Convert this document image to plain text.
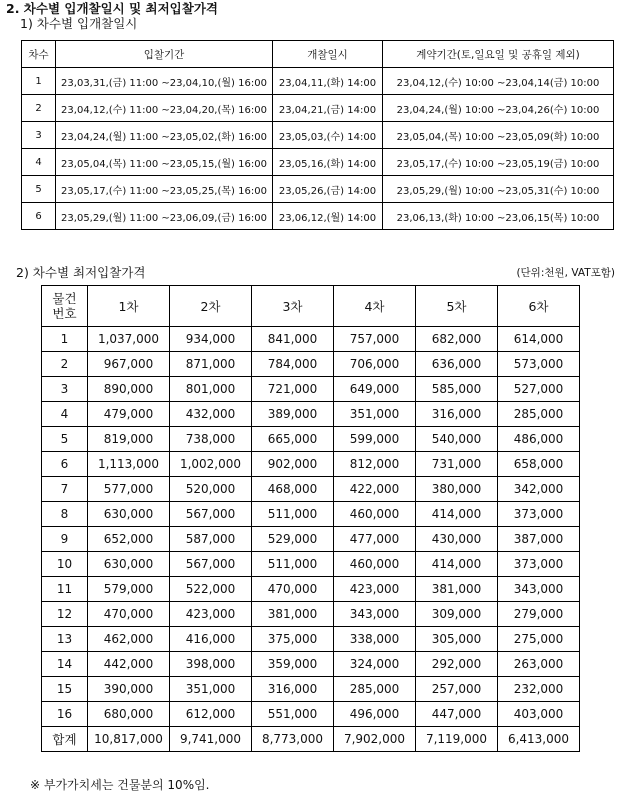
2. 차수별 입개찰일시 및 최저입찰가격
1) 차수별 입개찰일시
차수	입찰기간	개찰일시	계약기간(토,일요일 및 공휴일 제외)
1	23,03,31,(금) 11:00 ~23,04,10,(월) 16:00	23,04,11,(화) 14:00	23,04,12,(수) 10:00 ~23,04,14(금) 10:00
2	23,04,12,(수) 11:00 ~23,04,20,(목) 16:00	23,04,21,(금) 14:00	23,04,24,(월) 10:00 ~23,04,26(수) 10:00
3	23,04,24,(월) 11:00 ~23,05,02,(화) 16:00	23,05,03,(수) 14:00	23,05,04,(목) 10:00 ~23,05,09(화) 10:00
4	23,05,04,(목) 11:00 ~23,05,15,(월) 16:00	23,05,16,(화) 14:00	23,05,17,(수) 10:00 ~23,05,19(금) 10:00
5	23,05,17,(수) 11:00 ~23,05,25,(목) 16:00	23,05,26,(금) 14:00	23,05,29,(월) 10:00 ~23,05,31(수) 10:00
6	23,05,29,(월) 11:00 ~23,06,09,(금) 16:00	23,06,12,(월) 14:00	23,06,13,(화) 10:00 ~23,06,15(목) 10:00
2) 차수별 최저입찰가격	(단위:천원, VAT포함)
물건
번호	1차	2차	3차	4차	5차	6차
1	1,037,000	934,000	841,000	757,000	682,000	614,000
2	967,000	871,000	784,000	706,000	636,000	573,000
3	890,000	801,000	721,000	649,000	585,000	527,000
4	479,000	432,000	389,000	351,000	316,000	285,000
5	819,000	738,000	665,000	599,000	540,000	486,000
6	1,113,000	1,002,000	902,000	812,000	731,000	658,000
7	577,000	520,000	468,000	422,000	380,000	342,000
8	630,000	567,000	511,000	460,000	414,000	373,000
9	652,000	587,000	529,000	477,000	430,000	387,000
10	630,000	567,000	511,000	460,000	414,000	373,000
11	579,000	522,000	470,000	423,000	381,000	343,000
12	470,000	423,000	381,000	343,000	309,000	279,000
13	462,000	416,000	375,000	338,000	305,000	275,000
14	442,000	398,000	359,000	324,000	292,000	263,000
15	390,000	351,000	316,000	285,000	257,000	232,000
16	680,000	612,000	551,000	496,000	447,000	403,000
합계	10,817,000	9,741,000	8,773,000	7,902,000	7,119,000	6,413,000
※ 부가가치세는 건물분의 10%임.
